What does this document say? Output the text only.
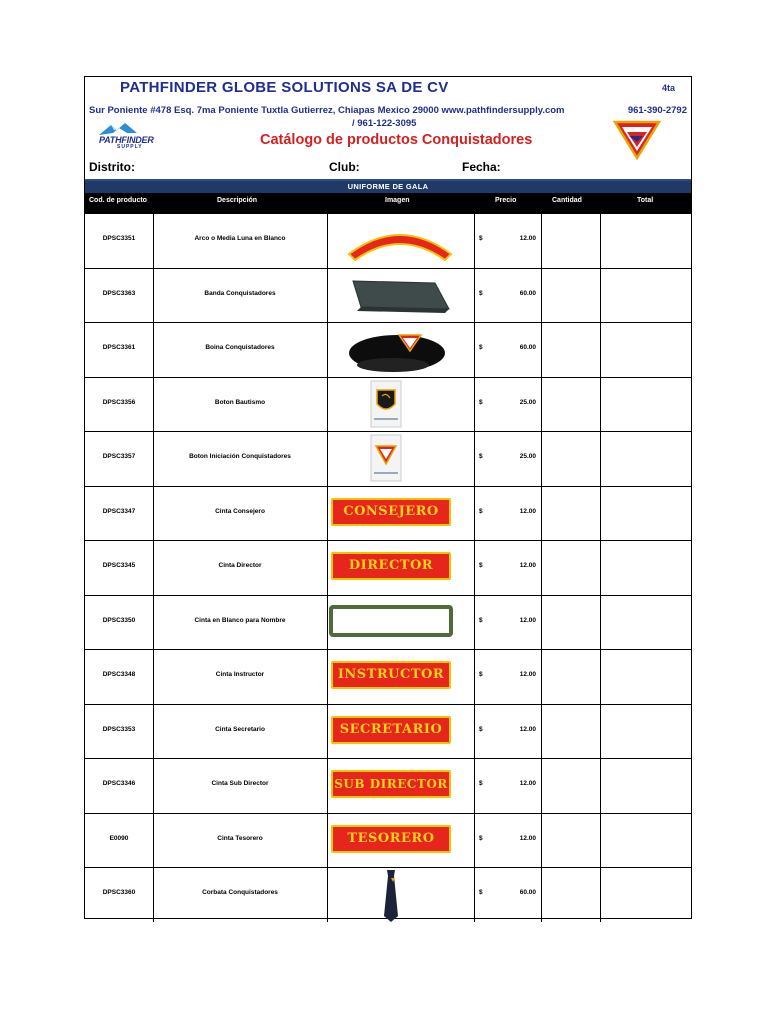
PATHFINDER GLOBE SOLUTIONS SA DE CV	4ta
Sur Poniente #478 Esq. 7ma Poniente Tuxtla Gutierrez, Chiapas Mexico 29000 www.pathfindersupply.com	961-390-2792
/ 961-122-3095
PATHFINDER
SUPPLY	Catálogo de productos Conquistadores
Distrito:	Club:	Fecha:
UNIFORME DE GALA
Cod. de producto	Descripción	Imagen	Precio	Cantidad	Total
DPSC3351	Arco o Media Luna en Blanco	$	12.00
DPSC3363	Banda Conquistadores	$	60.00
DPSC3361	Boina Conquistadores	$	60.00
DPSC3356	Boton Bautismo	$	25.00
DPSC3357	Boton Iniciación Conquistadores	$	25.00
DPSC3347	Cinta Consejero	CONSEJERO	$	12.00
DPSC3345	Cinta Director	DIRECTOR	$	12.00
DPSC3350	Cinta en Blanco para Nombre	$	12.00
DPSC3348	Cinta Instructor	INSTRUCTOR	$	12.00
DPSC3353	Cinta Secretario	SECRETARIO	$	12.00
DPSC3346	Cinta Sub Director	SUB DIRECTOR	$	12.00
E0090	Cinta Tesorero	TESORERO	$	12.00
DPSC3360	Corbata Conquistadores	$	60.00
